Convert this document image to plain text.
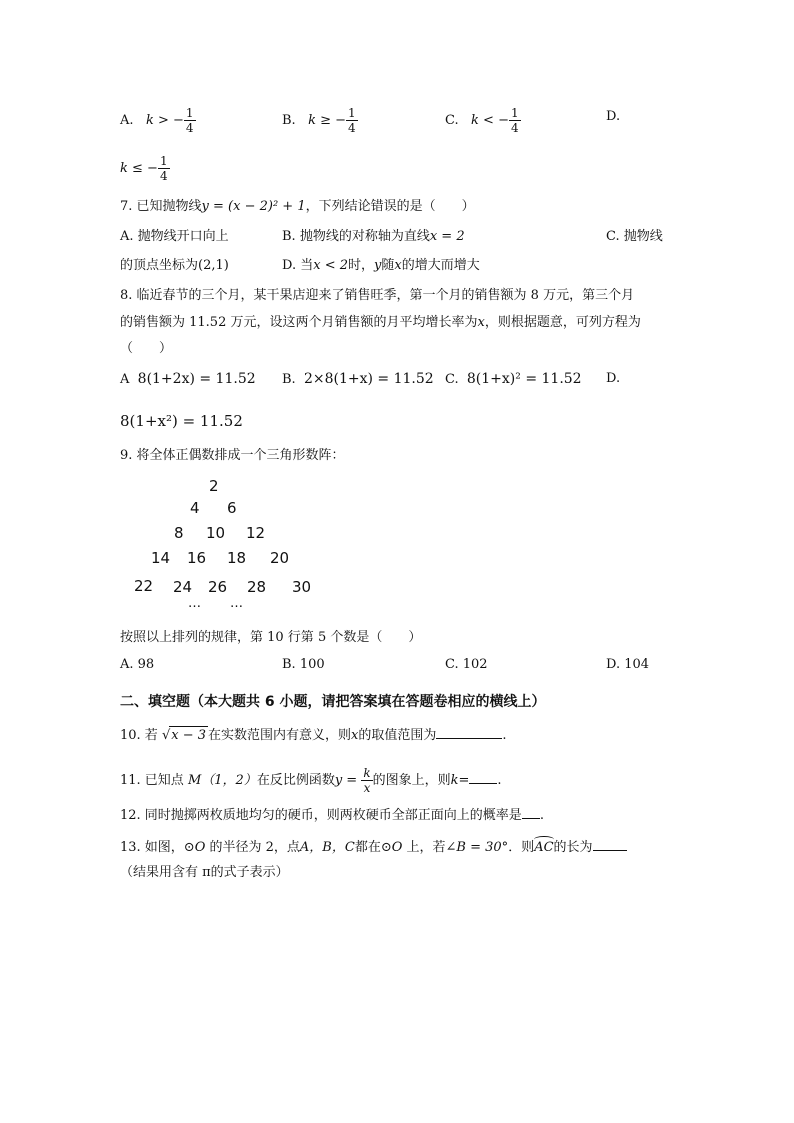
A. k > − $\frac{1}{4}$	B. k ≥ − $\frac{1}{4}$	C. k < − $\frac{1}{4}$	D.
k ≤ − $\frac{1}{4}$
7. 已知抛物线y = (x − 2)² + 1，下列结论错误的是（　　）
A. 抛物线开口向上	B. 抛物线的对称轴为直线x = 2	C. 抛物线
的顶点坐标为(2,1)	D. 当x < 2时，y随x的增大而增大
8. 临近春节的三个月，某干果店迎来了销售旺季，第一个月的销售额为 8 万元，第三个月
的销售额为 11.52 万元，设这两个月销售额的月平均增长率为x，则根据题意，可列方程为
（　　）
A 8(1+2x) = 11.52 B. 2×8(1+x) = 11.52 C. 8(1+x)² = 11.52 D.
8(1+x²) = 11.52
9. 将全体正偶数排成一个三角形数阵：
2
4 6
8 10 12
14 16 18 20
22 24 26 28 30
… …
按照以上排列的规律，第 10 行第 5 个数是（　　）
A. 98	B. 100	C. 102	D. 104
二、填空题（本大题共 6 小题，请把答案填在答题卷相应的横线上）
10. 若 √x − 3 在实数范围内有意义，则x的取值范围为	.
11. 已知点 M（1，2）在反比例函数$y = \frac{k}{x}$ 的图象上，则k= .
12. 同时抛掷两枚质地均匀的硬币，则两枚硬币全部正面向上的概率是 .
13. 如图，⊙O 的半径为 2，点A，B，C都在⊙O 上，若∠B = 30°．则AC的长为
（结果用含有 π的式子表示）
